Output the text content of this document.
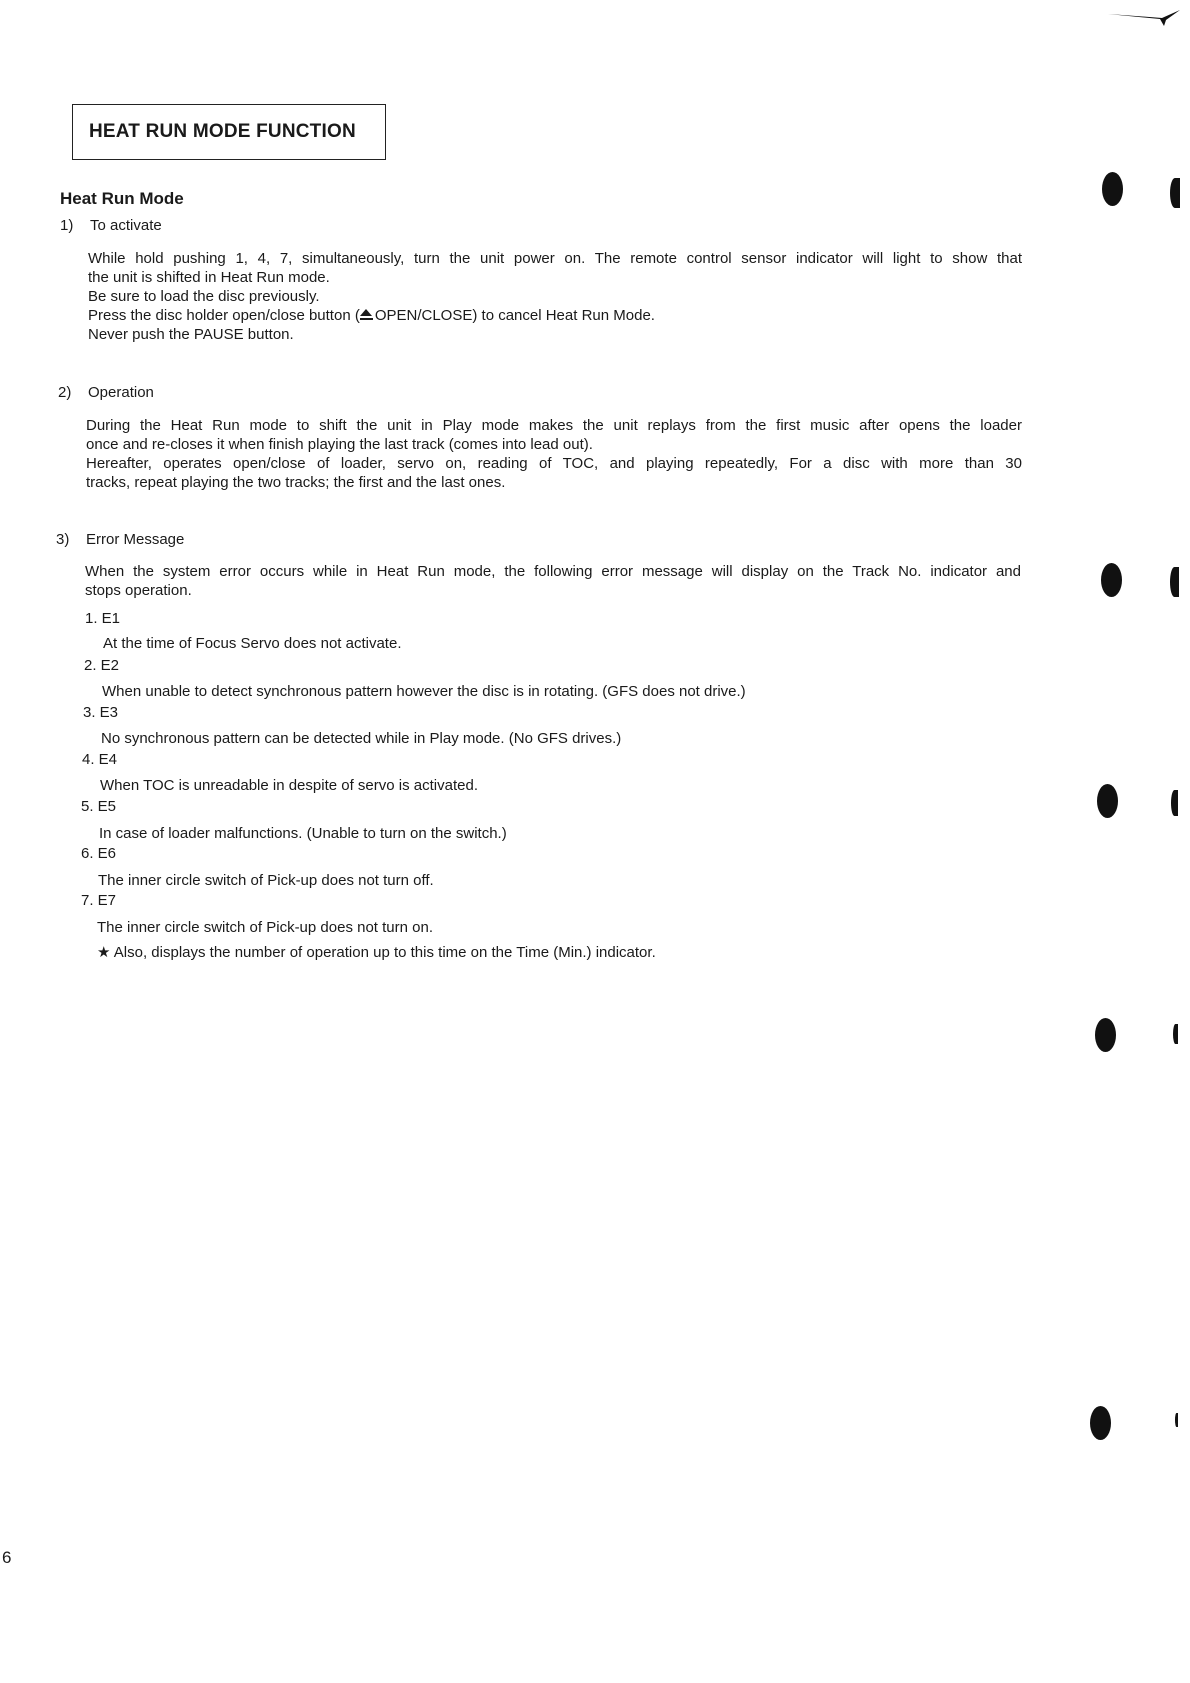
HEAT RUN MODE FUNCTION
Heat Run Mode
1) To activate
While hold pushing 1, 4, 7, simultaneously, turn the unit power on. The remote control sensor indicator will light to show that
the unit is shifted in Heat Run mode.
Be sure to load the disc previously.
Press the disc holder open/close button ( OPEN/CLOSE) to cancel Heat Run Mode.
Never push the PAUSE button.
2) Operation
During the Heat Run mode to shift the unit in Play mode makes the unit replays from the first music after opens the loader
once and re-closes it when finish playing the last track (comes into lead out).
Hereafter, operates open/close of loader, servo on, reading of TOC, and playing repeatedly, For a disc with more than 30
tracks, repeat playing the two tracks; the first and the last ones.
3) Error Message
When the system error occurs while in Heat Run mode, the following error message will display on the Track No. indicator and
stops operation.
1. E1
At the time of Focus Servo does not activate.
2. E2
When unable to detect synchronous pattern however the disc is in rotating. (GFS does not drive.)
3. E3
No synchronous pattern can be detected while in Play mode. (No GFS drives.)
4. E4
When TOC is unreadable in despite of servo is activated.
5. E5
In case of loader malfunctions. (Unable to turn on the switch.)
6. E6
The inner circle switch of Pick-up does not turn off.
7. E7
The inner circle switch of Pick-up does not turn on.
★ Also, displays the number of operation up to this time on the Time (Min.) indicator.
6
